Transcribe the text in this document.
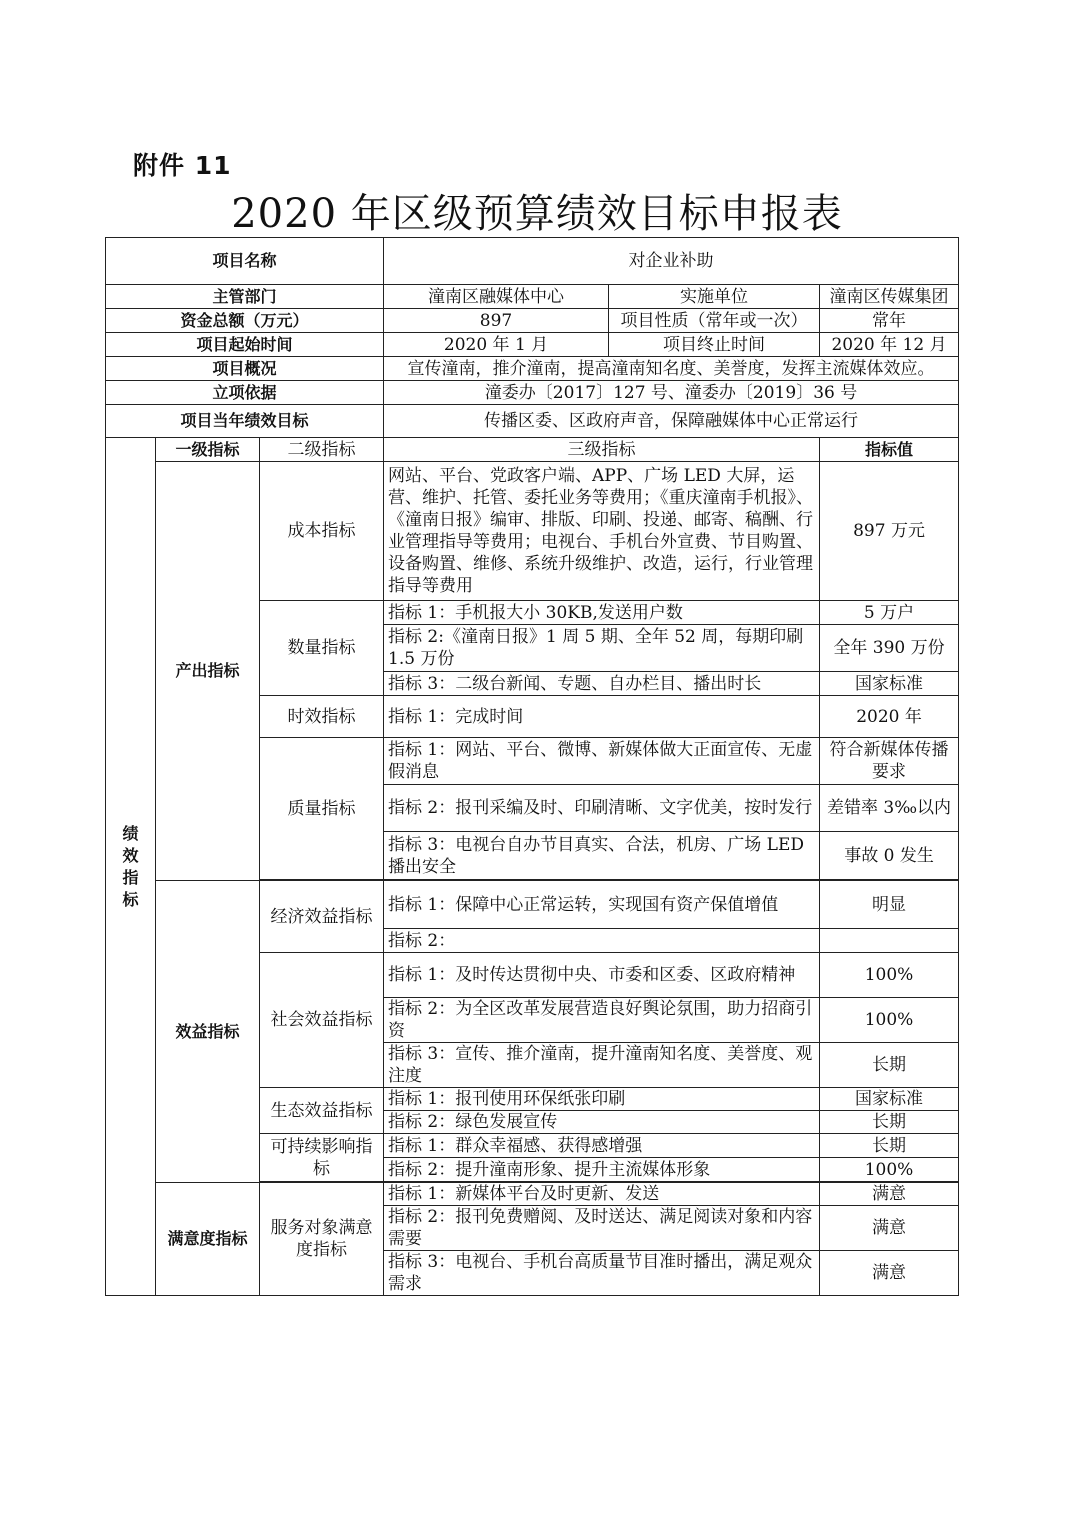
附件 11
2020 年区级预算绩效目标申报表
项目名称			对企业补助		
主管部门			潼南区融媒体中心	实施单位	潼南区传媒集团
资金总额（万元）			897	项目性质（常年或一次）	常年
项目起始时间			2020 年 1 月	项目终止时间	2020 年 12 月
项目概况			宣传潼南，推介潼南，提高潼南知名度、美誉度，发挥主流媒体效应。		
立项依据			潼委办〔2017〕127 号、潼委办〔2019〕36 号		
项目当年绩效目标			传播区委、区政府声音，保障融媒体中心正常运行		

绩
效
指
标	一级指标	二级指标	三级指标		指标值
	产出指标	成本指标	网站、平台、党政客户端、APP、广场 LED 大屏，运营、维护、托管、委托业务等费用；《重庆潼南手机报》、《潼南日报》编审、排版、印刷、投递、邮寄、稿酬、行业管理指导等费用；电视台、手机台外宣费、节目购置、设备购置、维修、系统升级维护、改造，运行，行业管理指导等费用		897 万元
		数量指标	指标 1：手机报大小 30KB,发送用户数		5 万户
			指标 2:《潼南日报》1 周 5 期、全年 52 周，每期印刷 1.5 万份		全年 390 万份
			指标 3：二级台新闻、专题、自办栏目、播出时长		国家标准
		时效指标	指标 1：完成时间		2020 年
		质量指标	指标 1：网站、平台、微博、新媒体做大正面宣传、无虚假消息		符合新媒体传播要求
			指标 2：报刊采编及时、印刷清晰、文字优美，按时发行		差错率 3‰以内
			指标 3：电视台自办节目真实、合法，机房、广场 LED 播出安全		事故 0 发生

	效益指标	经济效益指标	指标 1：保障中心正常运转，实现国有资产保值增值		明显
			指标 2：		
		社会效益指标	指标 1：及时传达贯彻中央、市委和区委、区政府精神		100%
			指标 2：为全区改革发展营造良好舆论氛围，助力招商引资		100%
			指标 3：宣传、推介潼南，提升潼南知名度、美誉度、观注度		长期
		生态效益指标	指标 1：报刊使用环保纸张印刷		国家标准
			指标 2：绿色发展宣传		长期
		可持续影响指标	指标 1：群众幸福感、获得感增强		长期
			指标 2：提升潼南形象、提升主流媒体形象		100%

	满意度指标	服务对象满意度指标	指标 1：新媒体平台及时更新、发送		满意
			指标 2：报刊免费赠阅、及时送达、满足阅读对象和内容需要		满意
			指标 3：电视台、手机台高质量节目准时播出，满足观众需求		满意
